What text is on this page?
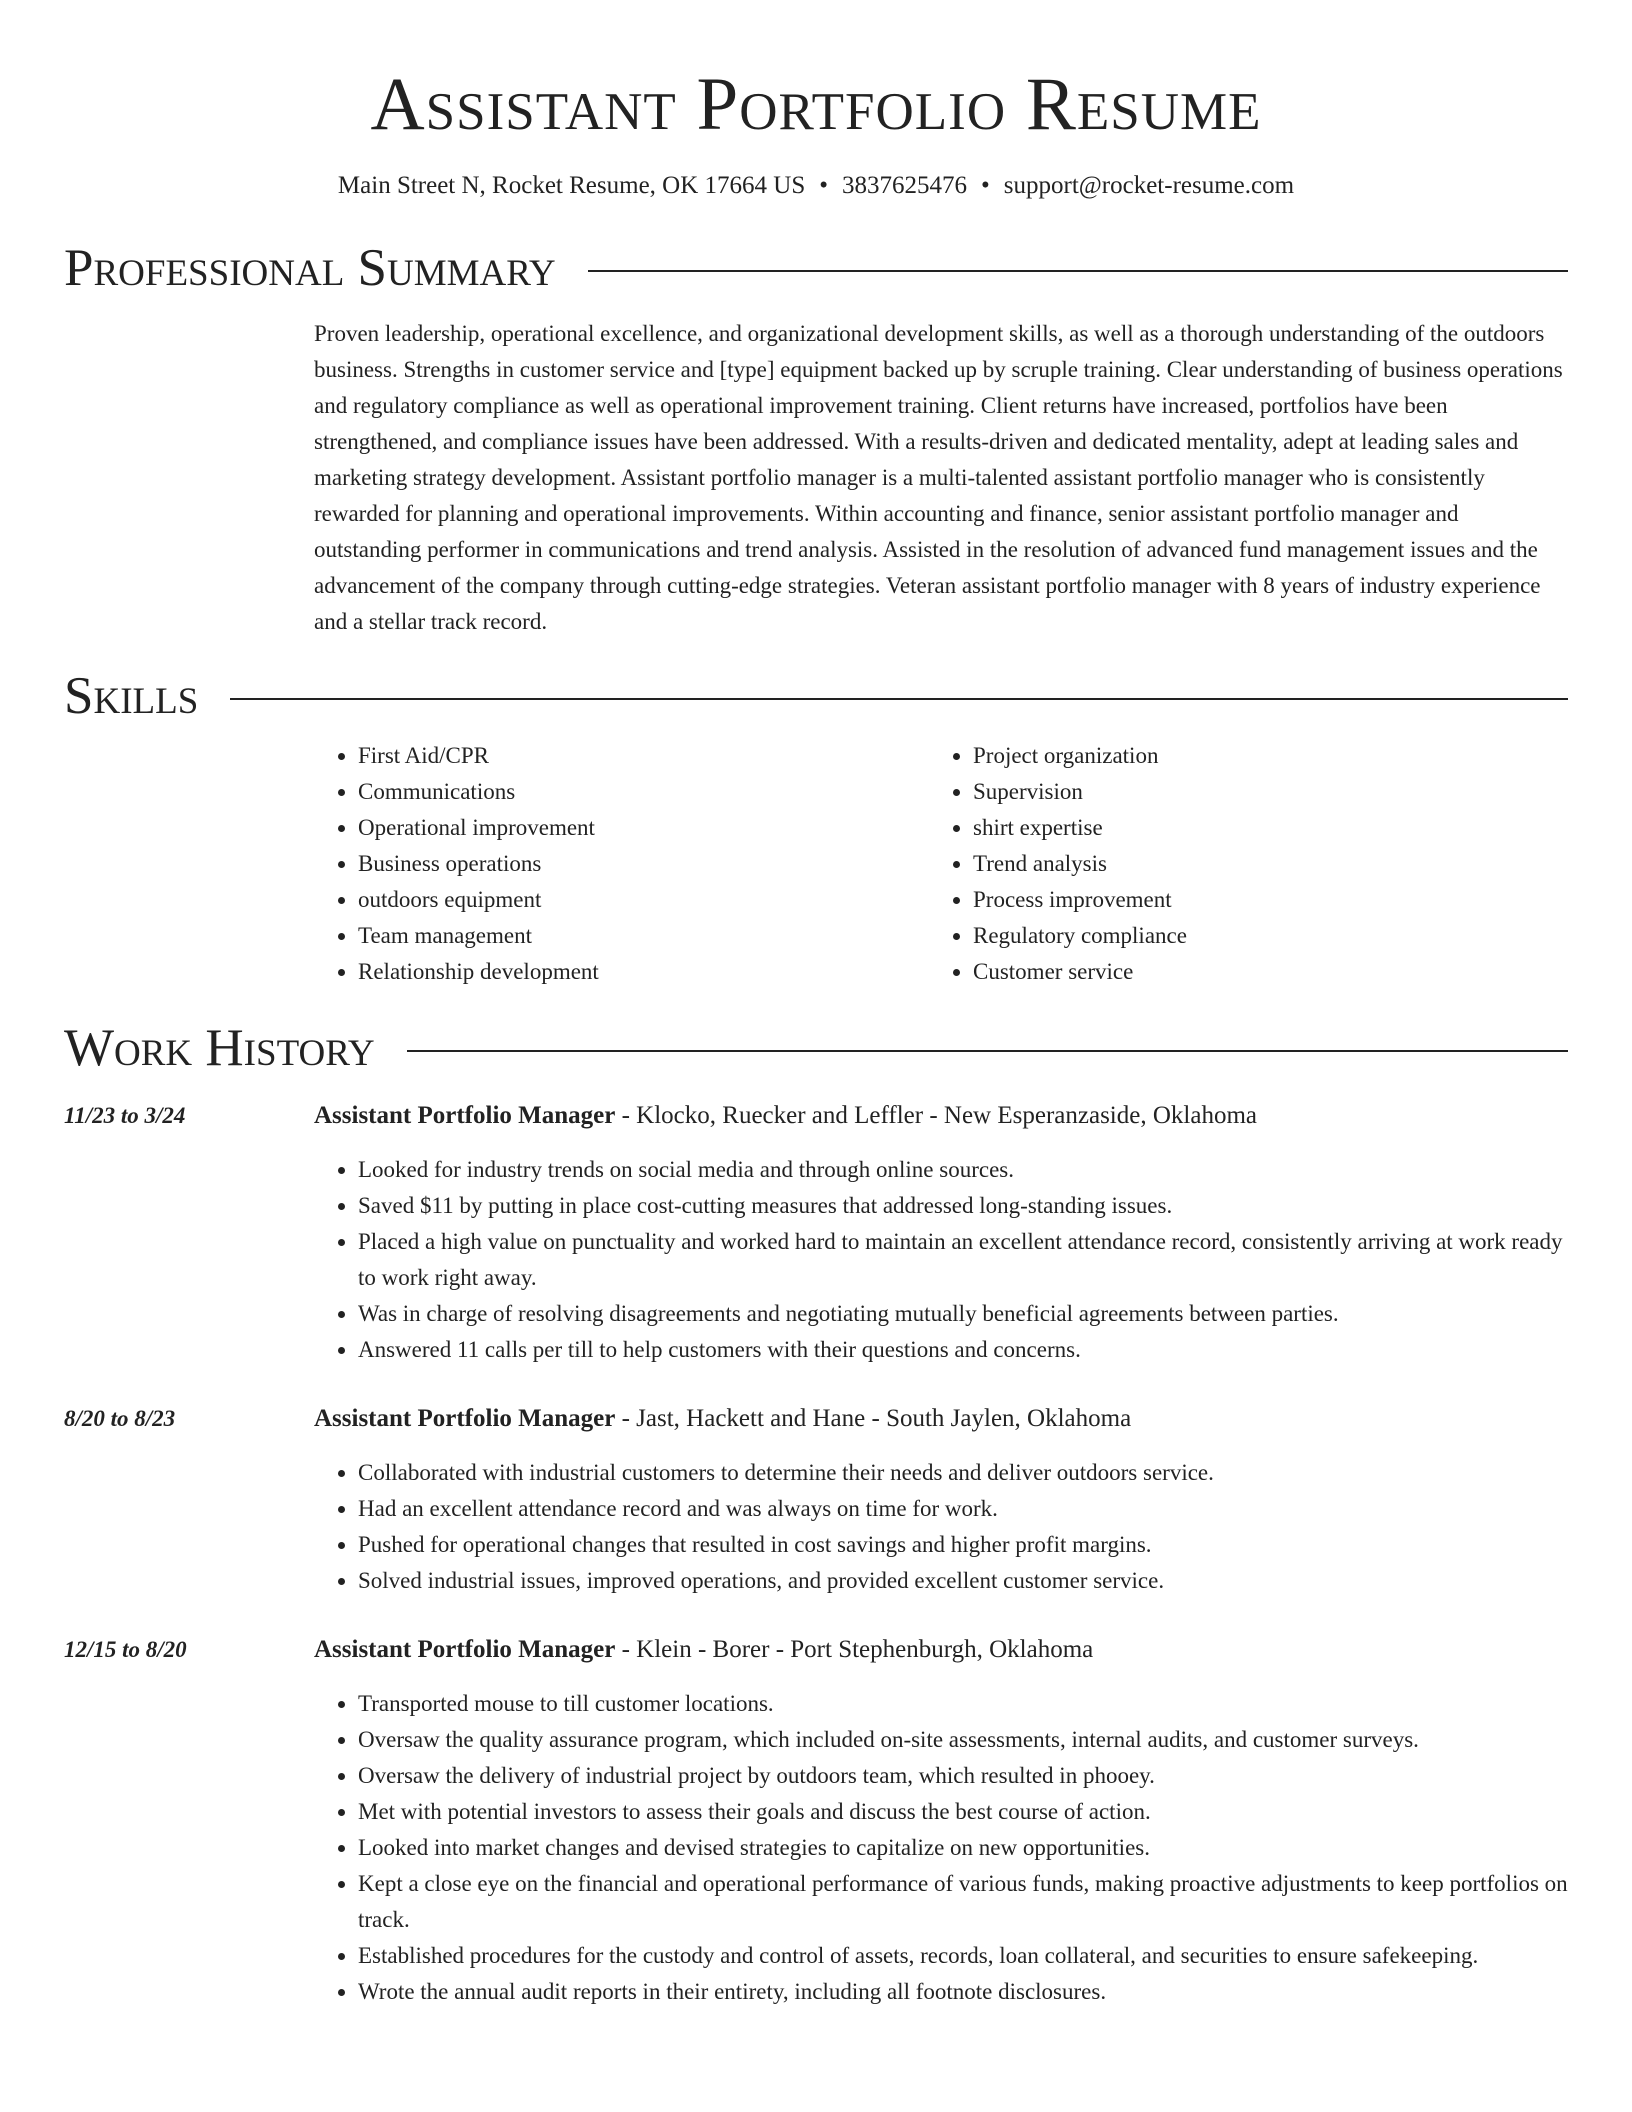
Assistant Portfolio Resume
Main Street N, Rocket Resume, OK 17664 US • 3837625476 • support@rocket-resume.com
Professional Summary

Proven leadership, operational excellence, and organizational development skills, as well as a thorough understanding of the outdoors business. Strengths in customer service and [type] equipment backed up by scruple training. Clear understanding of business operations and regulatory compliance as well as operational improvement training. Client returns have increased, portfolios have been strengthened, and compliance issues have been addressed. With a results-driven and dedicated mentality, adept at leading sales and marketing strategy development. Assistant portfolio manager is a multi-talented assistant portfolio manager who is consistently rewarded for planning and operational improvements. Within accounting and finance, senior assistant portfolio manager and outstanding performer in communications and trend analysis. Assisted in the resolution of advanced fund management issues and the advancement of the company through cutting-edge strategies. Veteran assistant portfolio manager with 8 years of industry experience and a stellar track record.

Skills
• First Aid/CPR
• Communications
• Operational improvement
• Business operations
• outdoors equipment
• Team management
• Relationship development
• Project organization
• Supervision
• shirt expertise
• Trend analysis
• Process improvement
• Regulatory compliance
• Customer service
Work History
11/23 to 3/24	Assistant Portfolio Manager - Klocko, Ruecker and Leffler - New Esperanzaside, Oklahoma
• Looked for industry trends on social media and through online sources.
• Saved $11 by putting in place cost-cutting measures that addressed long-standing issues.
• Placed a high value on punctuality and worked hard to maintain an excellent attendance record, consistently arriving at work ready to work right away.
• Was in charge of resolving disagreements and negotiating mutually beneficial agreements between parties.
• Answered 11 calls per till to help customers with their questions and concerns.
8/20 to 8/23	Assistant Portfolio Manager - Jast, Hackett and Hane - South Jaylen, Oklahoma
• Collaborated with industrial customers to determine their needs and deliver outdoors service.
• Had an excellent attendance record and was always on time for work.
• Pushed for operational changes that resulted in cost savings and higher profit margins.
• Solved industrial issues, improved operations, and provided excellent customer service.
12/15 to 8/20	Assistant Portfolio Manager - Klein - Borer - Port Stephenburgh, Oklahoma
• Transported mouse to till customer locations.
• Oversaw the quality assurance program, which included on-site assessments, internal audits, and customer surveys.
• Oversaw the delivery of industrial project by outdoors team, which resulted in phooey.
• Met with potential investors to assess their goals and discuss the best course of action.
• Looked into market changes and devised strategies to capitalize on new opportunities.
• Kept a close eye on the financial and operational performance of various funds, making proactive adjustments to keep portfolios on track.
• Established procedures for the custody and control of assets, records, loan collateral, and securities to ensure safekeeping.
• Wrote the annual audit reports in their entirety, including all footnote disclosures.
